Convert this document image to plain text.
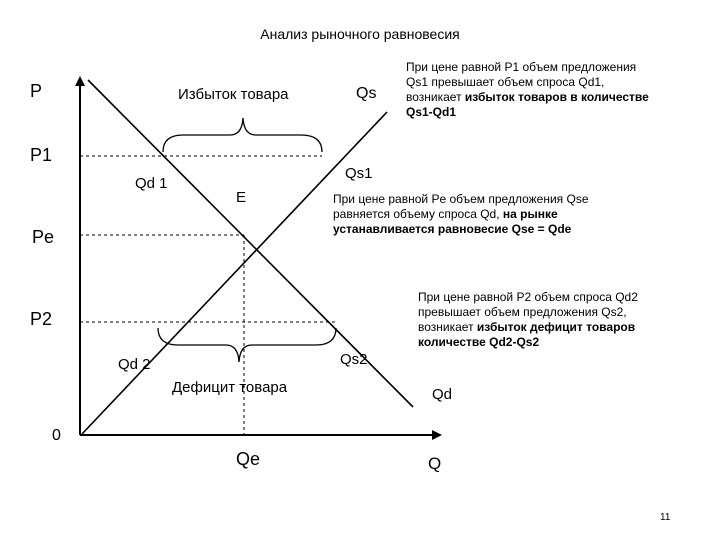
Анализ рыночного равновесия
P
P1
Pe
P2
0
Qe	Q
Qs
Qd
Qd 1
Qs1
E
Qd 2	Qs2
Избыток товара
Дефицит товара
При цене равной P1 объем предложения
Qs1 превышает объем спроса Qd1,
возникает избыток товаров в количестве
Qs1-Qd1
При цене равной Pe объем предложения Qse
равняется объему спроса Qd, на рынке
устанавливается равновесие Qse = Qde
При цене равной P2 объем спроса Qd2
превышает объем предложения Qs2,
возникает избыток дефицит товаров
количестве Qd2-Qs2
11
